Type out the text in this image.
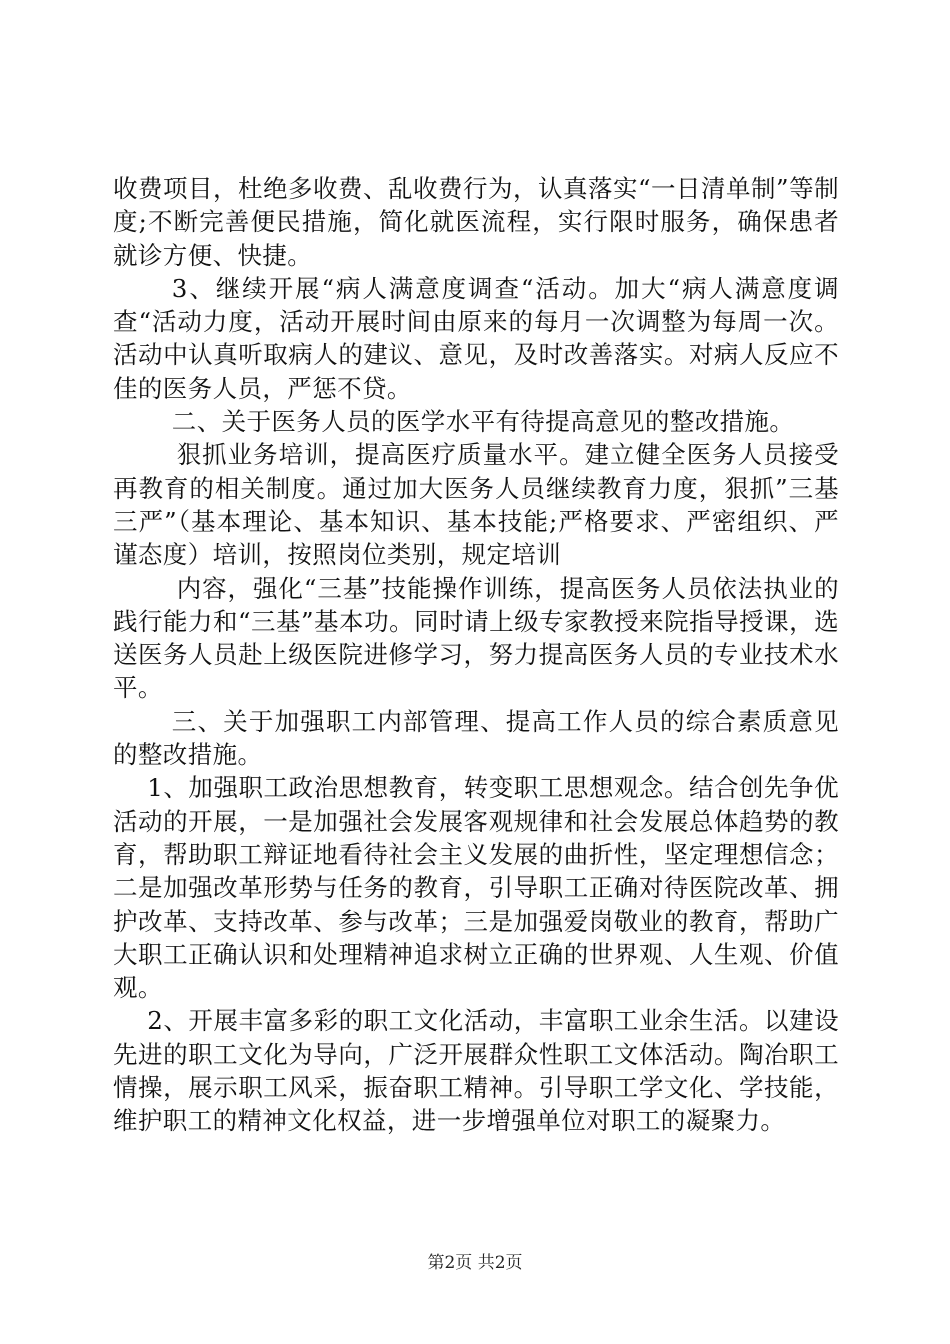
收费项目，杜绝多收费、乱收费行为，认真落实“一日清单制”等制度;不断完善便民措施，简化就医流程，实行限时服务，确保患者就诊方便、快捷。

3、继续开展“病人满意度调查“活动。加大“病人满意度调查“活动力度，活动开展时间由原来的每月一次调整为每周一次。活动中认真听取病人的建议、意见，及时改善落实。对病人反应不佳的医务人员，严惩不贷。

二、关于医务人员的医学水平有待提高意见的整改措施。

狠抓业务培训，提高医疗质量水平。建立健全医务人员接受再教育的相关制度。通过加大医务人员继续教育力度，狠抓”三基三严”（基本理论、基本知识、基本技能;严格要求、严密组织、严谨态度）培训，按照岗位类别，规定培训

内容，强化“三基”技能操作训练，提高医务人员依法执业的践行能力和“三基”基本功。同时请上级专家教授来院指导授课，选送医务人员赴上级医院进修学习，努力提高医务人员的专业技术水平。

三、关于加强职工内部管理、提高工作人员的综合素质意见的整改措施。

1、加强职工政治思想教育，转变职工思想观念。结合创先争优活动的开展，一是加强社会发展客观规律和社会发展总体趋势的教育，帮助职工辩证地看待社会主义发展的曲折性，坚定理想信念；二是加强改革形势与任务的教育，引导职工正确对待医院改革、拥护改革、支持改革、参与改革；三是加强爱岗敬业的教育，帮助广大职工正确认识和处理精神追求树立正确的世界观、人生观、价值观。

2、开展丰富多彩的职工文化活动，丰富职工业余生活。以建设先进的职工文化为导向，广泛开展群众性职工文体活动。陶冶职工情操，展示职工风采，振奋职工精神。引导职工学文化、学技能，维护职工的精神文化权益，进一步增强单位对职工的凝聚力。

第2页 共2页
